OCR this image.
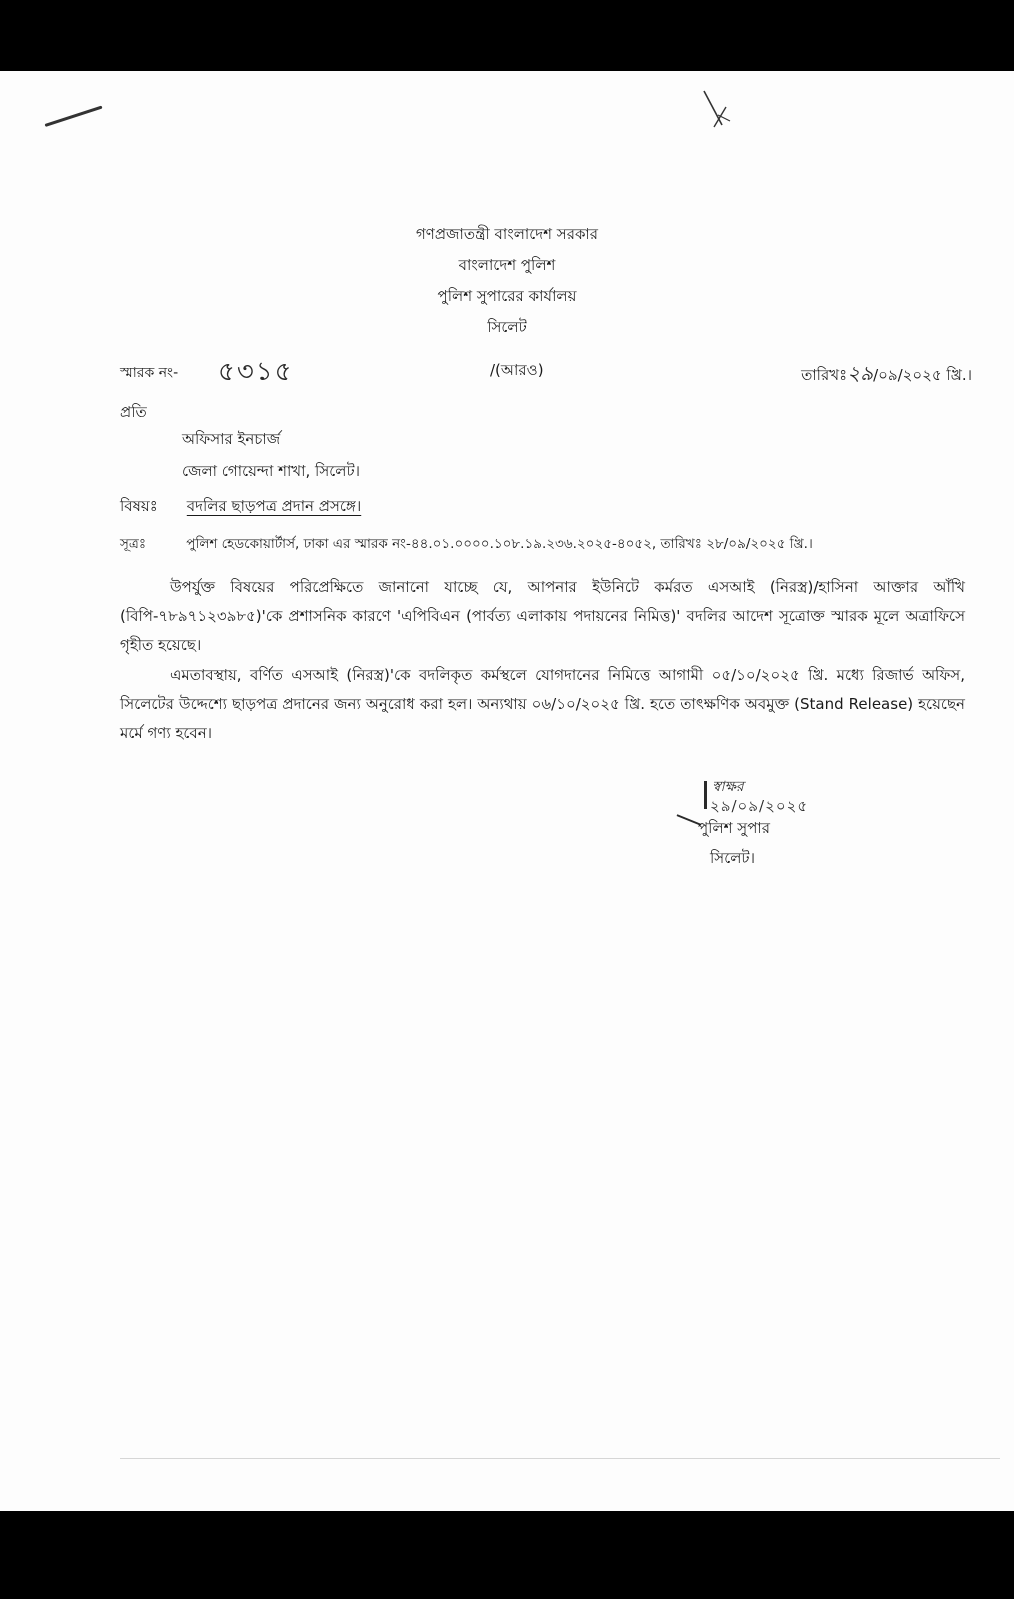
গণপ্রজাতন্ত্রী বাংলাদেশ সরকার
বাংলাদেশ পুলিশ
পুলিশ সুপারের কার্যালয়
সিলেট
স্মারক নং- ৫৩১৫	/(আরও)	তারিখঃ২৯/০৯/২০২৫ খ্রি.।
প্রতি
অফিসার ইনচার্জ
জেলা গোয়েন্দা শাখা, সিলেট।
বিষয়ঃ বদলির ছাড়পত্র প্রদান প্রসঙ্গে।
সূত্রঃ	পুলিশ হেডকোয়ার্টার্স, ঢাকা এর স্মারক নং-৪৪.০১.০০০০.১০৮.১৯.২৩৬.২০২৫-৪০৫২, তারিখঃ ২৮/০৯/২০২৫ খ্রি.।

উপর্যুক্ত বিষয়ের পরিপ্রেক্ষিতে জানানো যাচ্ছে যে, আপনার ইউনিটে কর্মরত এসআই (নিরস্ত্র)/হাসিনা আক্তার আঁখি (বিপি-৭৮৯৭১২৩৯৮৫)'কে প্রশাসনিক কারণে 'এপিবিএন (পার্বত্য এলাকায় পদায়নের নিমিত্ত)' বদলির আদেশ সূত্রোক্ত স্মারক মূলে অত্রাফিসে গৃহীত হয়েছে।

এমতাবস্থায়, বর্ণিত এসআই (নিরস্ত্র)'কে বদলিকৃত কর্মস্থলে যোগদানের নিমিত্তে আগামী ০৫/১০/২০২৫ খ্রি. মধ্যে রিজার্ভ অফিস, সিলেটের উদ্দেশ্যে ছাড়পত্র প্রদানের জন্য অনুরোধ করা হল। অন্যথায় ০৬/১০/২০২৫ খ্রি. হতে তাৎক্ষণিক অবমুক্ত (Stand Release) হয়েছেন মর্মে গণ্য হবেন।

স্বাক্ষর
২৯/০৯/২০২৫
পুলিশ সুপার
সিলেট।
